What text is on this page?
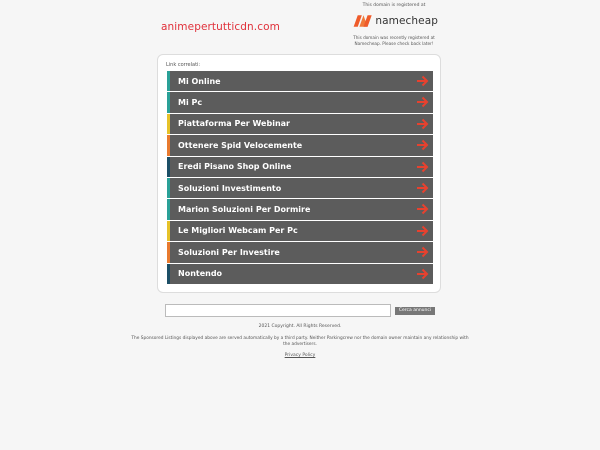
animepertutticdn.com
This domain is registered at
namecheap
This domain was recently registered at Namecheap. Please check back later!
Link correlati:
Mi Online
Mi Pc
Piattaforma Per Webinar
Ottenere Spid Velocemente
Eredi Pisano Shop Online
Soluzioni Investimento
Marion Soluzioni Per Dormire
Le Migliori Webcam Per Pc
Soluzioni Per Investire
Nontendo
Cerca annunci
2021 Copyright. All Rights Reserved.
The Sponsored Listings displayed above are served automatically by a third party. Neither Parkingcrew nor the domain owner maintain any relationship with the advertisers.
Privacy Policy
